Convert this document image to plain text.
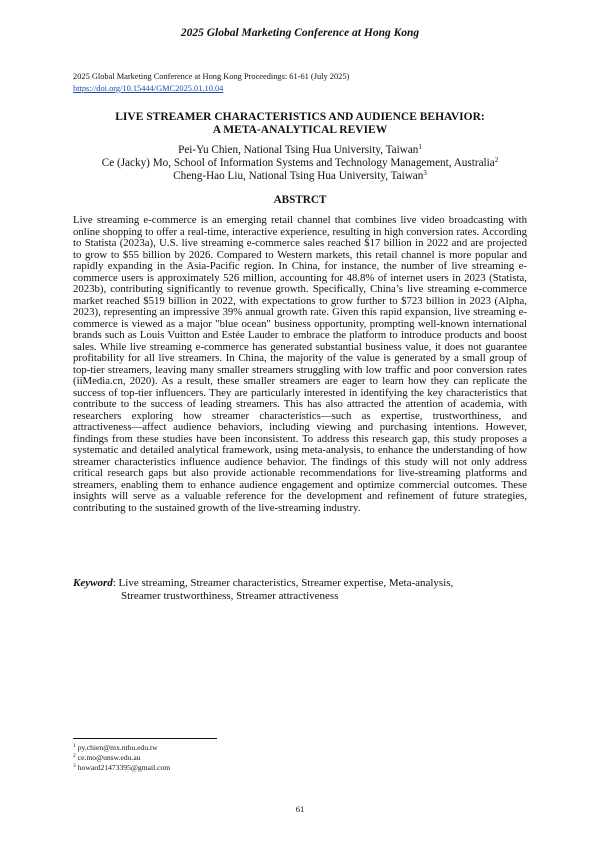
2025 Global Marketing Conference at Hong Kong
2025 Global Marketing Conference at Hong Kong Proceedings: 61-61 (July 2025)
https://doi.org/10.15444/GMC2025.01.10.04
LIVE STREAMER CHARACTERISTICS AND AUDIENCE BEHAVIOR:
A META-ANALYTICAL REVIEW
Pei-Yu Chien, National Tsing Hua University, Taiwan$^1$
Ce (Jacky) Mo, School of Information Systems and Technology Management, Australia$^2$
Cheng-Hao Liu, National Tsing Hua University, Taiwan$^3$
ABSTRCT
Live streaming e-commerce is an emerging retail channel that combines live video broadcasting with online shopping to offer a real-time, interactive experience, resulting in high conversion rates. According to Statista (2023a), U.S. live streaming e-commerce sales reached $17 billion in 2022 and are projected to grow to $55 billion by 2026. Compared to Western markets, this retail channel is more popular and rapidly expanding in the Asia-Pacific region. In China, for instance, the number of live streaming e-commerce users is approximately 526 million, accounting for 48.8% of internet users in 2023 (Statista, 2023b), contributing significantly to revenue growth. Specifically, China’s live streaming e-commerce market reached $519 billion in 2022, with expectations to grow further to $723 billion in 2023 (Alpha, 2023), representing an impressive 39% annual growth rate. Given this rapid expansion, live streaming e-commerce is viewed as a major "blue ocean" business opportunity, prompting well-known international brands such as Louis Vuitton and Estée Lauder to embrace the platform to introduce products and boost sales. While live streaming e-commerce has generated substantial business value, it does not guarantee profitability for all live streamers. In China, the majority of the value is generated by a small group of top-tier streamers, leaving many smaller streamers struggling with low traffic and poor conversion rates (iiMedia.cn, 2020). As a result, these smaller streamers are eager to learn how they can replicate the success of top-tier influencers. They are particularly interested in identifying the key characteristics that contribute to the success of leading streamers. This has also attracted the attention of academia, with researchers exploring how streamer characteristics—such as expertise, trustworthiness, and attractiveness—affect audience behaviors, including viewing and purchasing intentions. However, findings from these studies have been inconsistent. To address this research gap, this study proposes a systematic and detailed analytical framework, using meta-analysis, to enhance the understanding of how streamer characteristics influence audience behavior. The findings of this study will not only address critical research gaps but also provide actionable recommendations for live-streaming platforms and streamers, enabling them to enhance audience engagement and optimize commercial outcomes. These insights will serve as a valuable reference for the development and refinement of future strategies, contributing to the sustained growth of the live-streaming industry.
Keyword: Live streaming, Streamer characteristics, Streamer expertise, Meta-analysis,
Streamer trustworthiness, Streamer attractiveness
$^1$ py.chien@mx.nthu.edu.tw
$^2$ ce.mo@unsw.edu.au
$^3$ howard21473395@gmail.com
61
